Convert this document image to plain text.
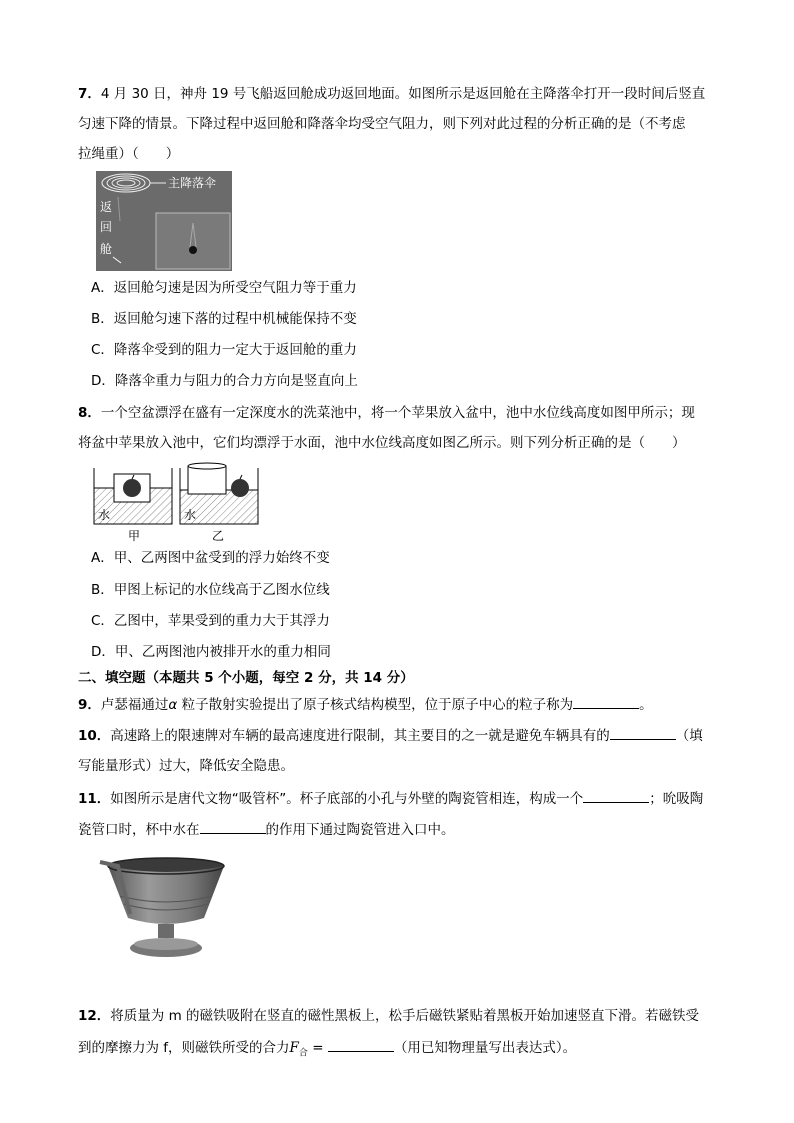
7．4 月 30 日，神舟 19 号飞船返回舱成功返回地面。如图所示是返回舱在主降落伞打开一段时间后竖直
匀速下降的情景。下降过程中返回舱和降落伞均受空气阻力，则下列对此过程的分析正确的是（不考虑
拉绳重）（　　）
主降落伞
返回舱
A．返回舱匀速是因为所受空气阻力等于重力
B．返回舱匀速下落的过程中机械能保持不变
C．降落伞受到的阻力一定大于返回舱的重力
D．降落伞重力与阻力的合力方向是竖直向上
8．一个空盆漂浮在盛有一定深度水的洗菜池中，将一个苹果放入盆中，池中水位线高度如图甲所示；现
将盆中苹果放入池中，它们均漂浮于水面，池中水位线高度如图乙所示。则下列分析正确的是（　　）
水
甲
水
乙
A．甲、乙两图中盆受到的浮力始终不变
B．甲图上标记的水位线高于乙图水位线
C．乙图中，苹果受到的重力大于其浮力
D．甲、乙两图池内被排开水的重力相同
二、填空题（本题共 5 个小题，每空 2 分，共 14 分）
9．卢瑟福通过α 粒子散射实验提出了原子核式结构模型，位于原子中心的粒子称为	。
10．高速路上的限速牌对车辆的最高速度进行限制，其主要目的之一就是避免车辆具有的	（填
写能量形式）过大，降低安全隐患。
11．如图所示是唐代文物“吸管杯”。杯子底部的小孔与外壁的陶瓷管相连，构成一个	；吮吸陶
瓷管口时，杯中水在	的作用下通过陶瓷管进入口中。
12．将质量为 m 的磁铁吸附在竖直的磁性黑板上，松手后磁铁紧贴着黑板开始加速竖直下滑。若磁铁受
到的摩擦力为 f，则磁铁所受的合力$F_合$ =	（用已知物理量写出表达式）。
